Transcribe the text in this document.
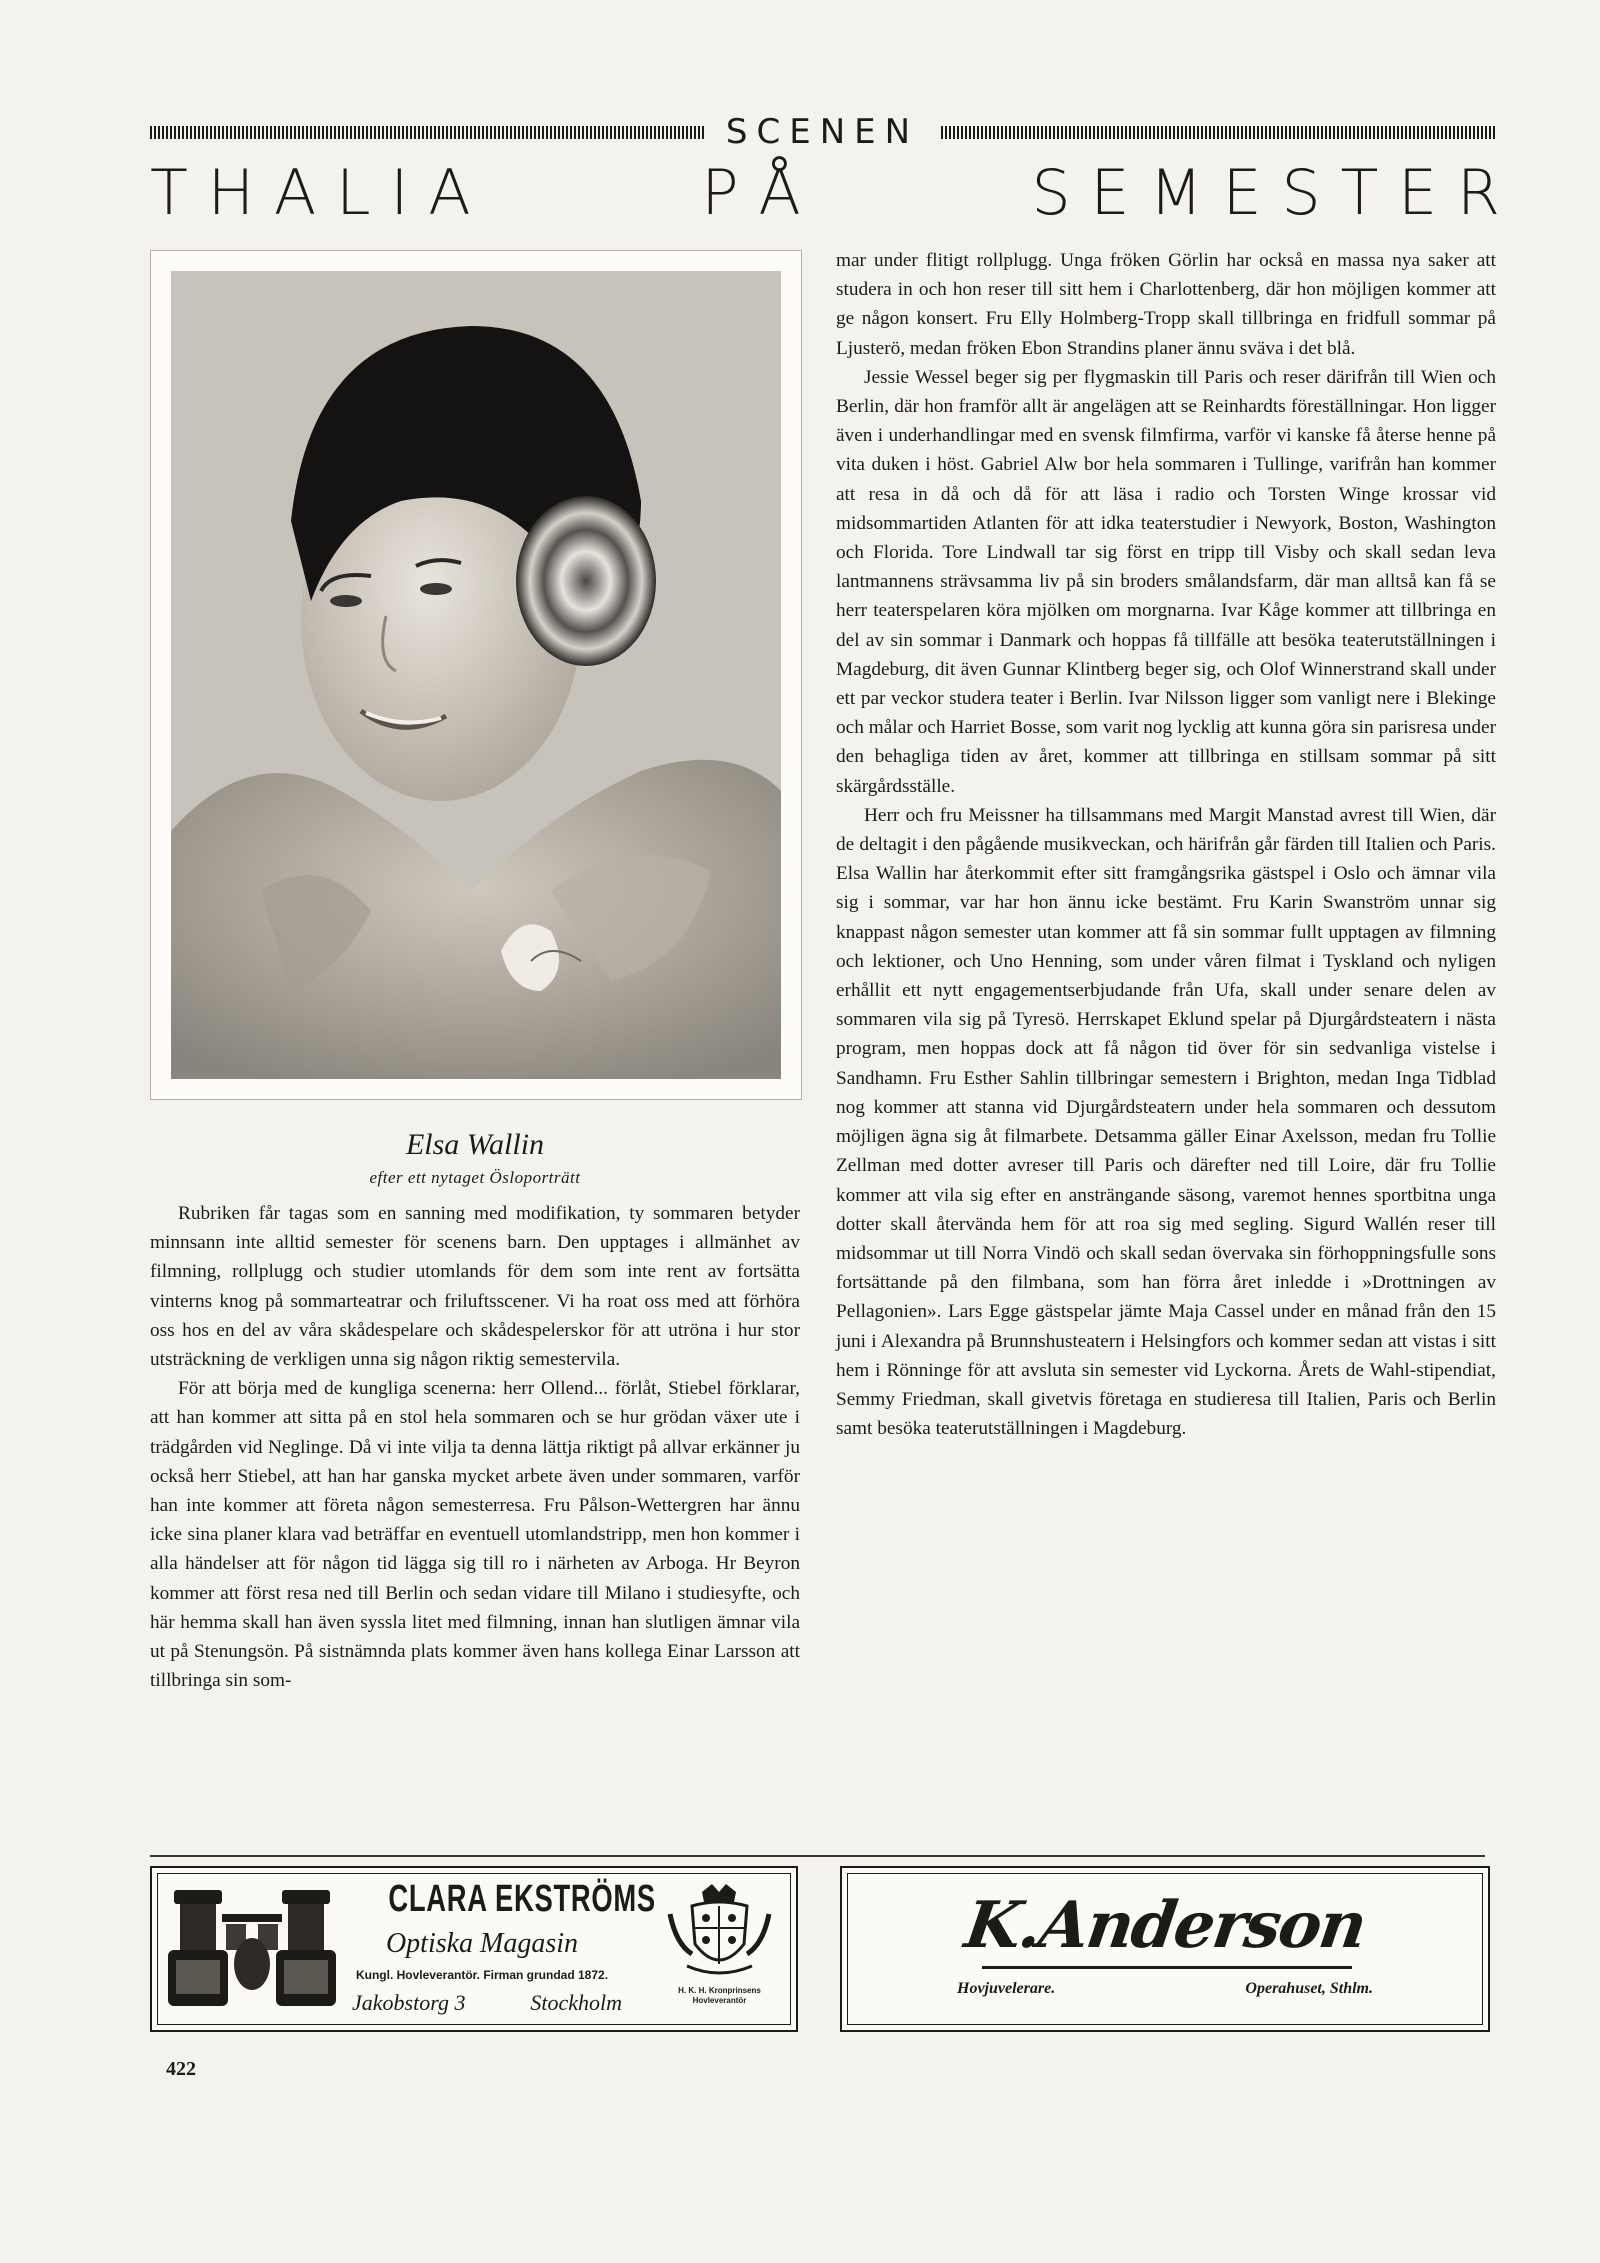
SCENEN
T H A L I A	P Å	S E M E S T E R
Elsa Wallin
efter ett nytaget Ösloporträtt

Rubriken får tagas som en sanning med modifikation, ty sommaren betyder minnsann inte alltid semester för scenens barn. Den upptages i allmänhet av filmning, rollplugg och studier utomlands för dem som inte rent av fortsätta vinterns knog på sommarteatrar och friluftsscener. Vi ha roat oss med att förhöra oss hos en del av våra skådespelare och skådespelerskor för att utröna i hur stor utsträckning de verkligen unna sig någon riktig semestervila.

För att börja med de kungliga scenerna: herr Ollend... förlåt, Stiebel förklarar, att han kommer att sitta på en stol hela sommaren och se hur grödan växer ute i trädgården vid Neglinge. Då vi inte vilja ta denna lättja riktigt på allvar erkänner ju också herr Stiebel, att han har ganska mycket arbete även under sommaren, varför han inte kommer att företa någon semesterresa. Fru Pålson-Wettergren har ännu icke sina planer klara vad beträffar en eventuell utomlandstripp, men hon kommer i alla händelser att för någon tid lägga sig till ro i närheten av Arboga. Hr Beyron kommer att först resa ned till Berlin och sedan vidare till Milano i studiesyfte, och här hemma skall han även syssla litet med filmning, innan han slutligen ämnar vila ut på Stenungsön. På sistnämnda plats kommer även hans kollega Einar Larsson att tillbringa sin som-

mar under flitigt rollplugg. Unga fröken Görlin har också en massa nya saker att studera in och hon reser till sitt hem i Charlottenberg, där hon möjligen kommer att ge någon konsert. Fru Elly Holmberg-Tropp skall tillbringa en fridfull sommar på Ljusterö, medan fröken Ebon Strandins planer ännu sväva i det blå.

Jessie Wessel beger sig per flygmaskin till Paris och reser därifrån till Wien och Berlin, där hon framför allt är angelägen att se Reinhardts föreställningar. Hon ligger även i underhandlingar med en svensk filmfirma, varför vi kanske få återse henne på vita duken i höst. Gabriel Alw bor hela sommaren i Tullinge, varifrån han kommer att resa in då och då för att läsa i radio och Torsten Winge krossar vid midsommartiden Atlanten för att idka teaterstudier i Newyork, Boston, Washington och Florida. Tore Lindwall tar sig först en tripp till Visby och skall sedan leva lantmannens strävsamma liv på sin broders smålandsfarm, där man alltså kan få se herr teaterspelaren köra mjölken om morgnarna. Ivar Kåge kommer att tillbringa en del av sin sommar i Danmark och hoppas få tillfälle att besöka teaterutställningen i Magdeburg, dit även Gunnar Klintberg beger sig, och Olof Winnerstrand skall under ett par veckor studera teater i Berlin. Ivar Nilsson ligger som vanligt nere i Blekinge och målar och Harriet Bosse, som varit nog lycklig att kunna göra sin parisresa under den behagliga tiden av året, kommer att tillbringa en stillsam sommar på sitt skärgårdsställe.

Herr och fru Meissner ha tillsammans med Margit Manstad avrest till Wien, där de deltagit i den pågående musikveckan, och härifrån går färden till Italien och Paris. Elsa Wallin har återkommit efter sitt framgångsrika gästspel i Oslo och ämnar vila sig i sommar, var har hon ännu icke bestämt. Fru Karin Swanström unnar sig knappast någon semester utan kommer att få sin sommar fullt upptagen av filmning och lektioner, och Uno Henning, som under våren filmat i Tyskland och nyligen erhållit ett nytt engagementserbjudande från Ufa, skall under senare delen av sommaren vila sig på Tyresö. Herrskapet Eklund spelar på Djurgårdsteatern i nästa program, men hoppas dock att få någon tid över för sin sedvanliga vistelse i Sandhamn. Fru Esther Sahlin tillbringar semestern i Brighton, medan Inga Tidblad nog kommer att stanna vid Djurgårdsteatern under hela sommaren och dessutom möjligen ägna sig åt filmarbete. Detsamma gäller Einar Axelsson, medan fru Tollie Zellman med dotter avreser till Paris och därefter ned till Loire, där fru Tollie kommer att vila sig efter en ansträngande säsong, varemot hennes sportbitna unga dotter skall återvända hem för att roa sig med segling. Sigurd Wallén reser till midsommar ut till Norra Vindö och skall sedan övervaka sin förhoppningsfulle sons fortsättande på den filmbana, som han förra året inledde i »Drottningen av Pellagonien». Lars Egge gästspelar jämte Maja Cassel under en månad från den 15 juni i Alexandra på Brunnshusteatern i Helsingfors och kommer sedan att vistas i sitt hem i Rönninge för att avsluta sin semester vid Lyckorna. Årets de Wahl-stipendiat, Semmy Friedman, skall givetvis företaga en studieresa till Italien, Paris och Berlin samt besöka teaterutställningen i Magdeburg.

CLARA EKSTRÖMS
Optiska Magasin
Kungl. Hovleverantör. Firman grundad 1872.
Jakobstorg 3	Stockholm	H. K. H. Kronprinsens Hovleverantör
K.Anderson
Hovjuvelerare.	Operahuset, Sthlm.
422
